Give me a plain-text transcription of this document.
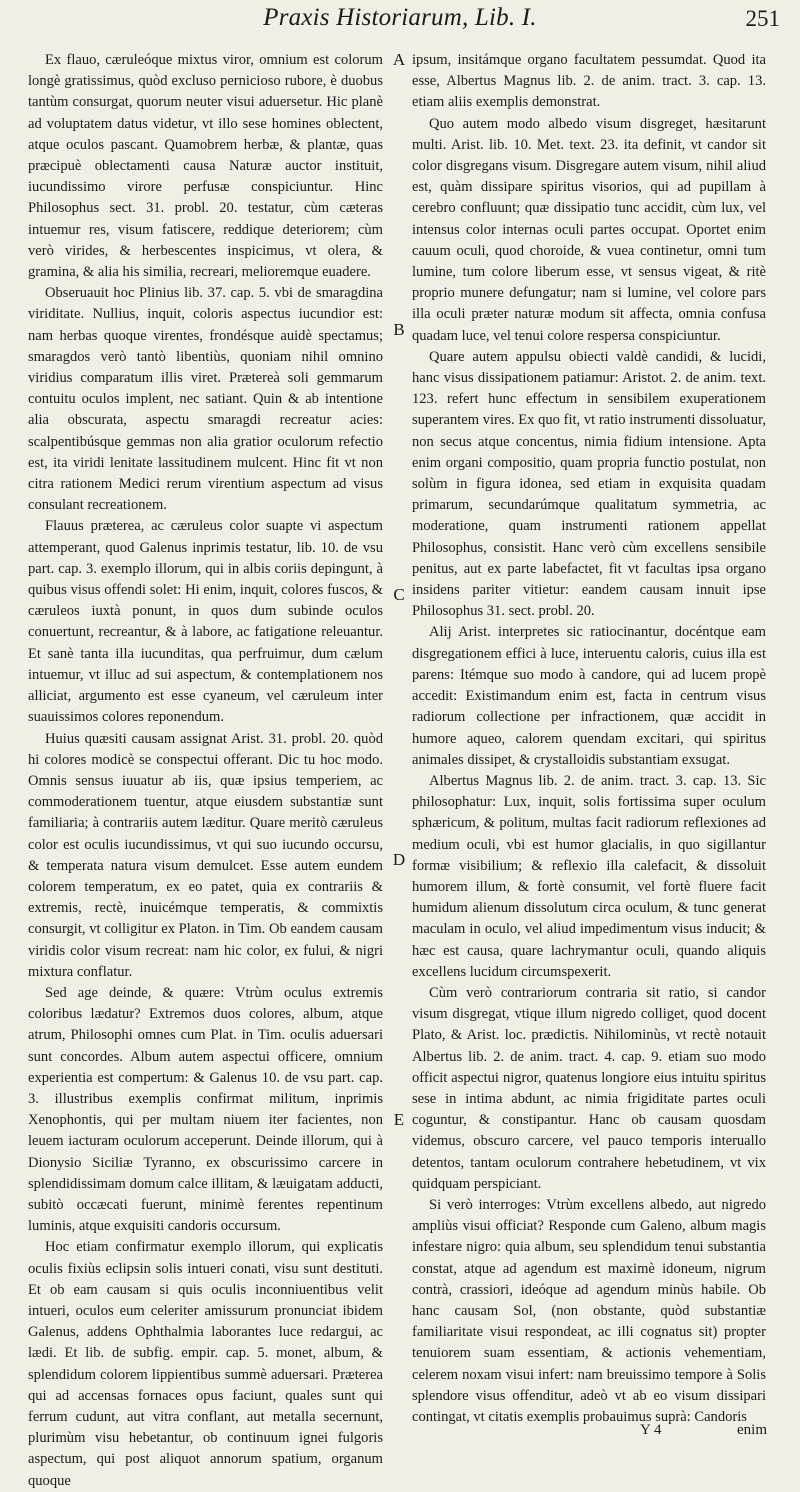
Praxis Historiarum, Lib. I.	251

Ex flauo, cæruleóque mixtus viror, omnium est colorum longè gratissimus, quòd excluso pernicioso rubore, è duobus tantùm consurgat, quorum neuter visui aduersetur. Hic planè ad voluptatem datus videtur, vt illo sese homines oblectent, atque oculos pascant. Quamobrem herbæ, & plantæ, quas præcipuè oblectamenti causa Naturæ auctor instituit, iucundissimo virore perfusæ conspiciuntur. Hinc Philosophus sect. 31. probl. 20. testatur, cùm cæteras intuemur res, visum fatiscere, reddique deteriorem; cùm verò virides, & herbescentes inspicimus, vt olera, & gramina, & alia his similia, recreari, melioremque euadere.

Obseruauit hoc Plinius lib. 37. cap. 5. vbi de smaragdina viriditate. Nullius, inquit, coloris aspectus iucundior est: nam herbas quoque virentes, frondésque auidè spectamus; smaragdos verò tantò libentiùs, quoniam nihil omnino viridius comparatum illis viret. Prætereà soli gemmarum contuitu oculos implent, nec satiant. Quin & ab intentione alia obscurata, aspectu smaragdi recreatur acies: scalpentibúsque gemmas non alia gratior oculorum refectio est, ita viridi lenitate lassitudinem mulcent. Hinc fit vt non citra rationem Medici rerum virentium aspectum ad visus consulant recreationem.

Flauus præterea, ac cæruleus color suapte vi aspectum attemperant, quod Galenus inprimis testatur, lib. 10. de vsu part. cap. 3. exemplo illorum, qui in albis coriis depingunt, à quibus visus offendi solet: Hi enim, inquit, colores fuscos, & cæruleos iuxtà ponunt, in quos dum subinde oculos conuertunt, recreantur, & à labore, ac fatigatione releuantur. Et sanè tanta illa iucunditas, qua perfruimur, dum cælum intuemur, vt illuc ad sui aspectum, & contemplationem nos alliciat, argumento est esse cyaneum, vel cæruleum inter suauissimos colores reponendum.

Huius quæsiti causam assignat Arist. 31. probl. 20. quòd hi colores modicè se conspectui offerant. Dic tu hoc modo. Omnis sensus iuuatur ab iis, quæ ipsius temperiem, ac commoderationem tuentur, atque eiusdem substantiæ sunt familiaria; à contrariis autem læditur. Quare meritò cæruleus color est oculis iucundissimus, vt qui suo iucundo occursu, & temperata natura visum demulcet. Esse autem eundem colorem temperatum, ex eo patet, quia ex contrariis & extremis, rectè, inuicémque temperatis, & commixtis consurgit, vt colligitur ex Platon. in Tim. Ob eandem causam viridis color visum recreat: nam hic color, ex fului, & nigri mixtura conflatur.

Sed age deinde, & quære: Vtrùm oculus extremis coloribus lædatur? Extremos duos colores, album, atque atrum, Philosophi omnes cum Plat. in Tim. oculis aduersari sunt concordes. Album autem aspectui officere, omnium experientia est compertum: & Galenus 10. de vsu part. cap. 3. illustribus exemplis confirmat militum, inprimis Xenophontis, qui per multam niuem iter facientes, non leuem iacturam oculorum acceperunt. Deinde illorum, qui à Dionysio Siciliæ Tyranno, ex obscurissimo carcere in splendidissimam domum calce illitam, & læuigatam adducti, subitò occæcati fuerunt, minimè ferentes repentinum luminis, atque exquisiti candoris occursum.

Hoc etiam confirmatur exemplo illorum, qui explicatis oculis fixiùs eclipsin solis intueri conati, visu sunt destituti. Et ob eam causam si quis oculis inconniuentibus velit intueri, oculos eum celeriter amissurum pronunciat ibidem Galenus, addens Ophthalmia laborantes luce redargui, ac lædi. Et lib. de subfig. empir. cap. 5. monet, album, & splendidum colorem lippientibus summè aduersari. Præterea qui ad accensas fornaces opus faciunt, quales sunt qui ferrum cudunt, aut vitra conflant, aut metalla secernunt, plurimùm visu hebetantur, ob continuum ignei fulgoris aspectum, qui post aliquot annorum spatium, organum quoque

A
B
C
D
E

ipsum, insitámque organo facultatem pessumdat. Quod ita esse, Albertus Magnus lib. 2. de anim. tract. 3. cap. 13. etiam aliis exemplis demonstrat.

Quo autem modo albedo visum disgreget, hæsitarunt multi. Arist. lib. 10. Met. text. 23. ita definit, vt candor sit color disgregans visum. Disgregare autem visum, nihil aliud est, quàm dissipare spiritus visorios, qui ad pupillam à cerebro confluunt; quæ dissipatio tunc accidit, cùm lux, vel intensus color internas oculi partes occupat. Oportet enim cauum oculi, quod choroide, & vuea continetur, omni tum lumine, tum colore liberum esse, vt sensus vigeat, & ritè proprio munere defungatur; nam si lumine, vel colore pars illa oculi præter naturæ modum sit affecta, omnia confusa quadam luce, vel tenui colore respersa conspiciuntur.

Quare autem appulsu obiecti valdè candidi, & lucidi, hanc visus dissipationem patiamur: Aristot. 2. de anim. text. 123. refert hunc effectum in sensibilem exuperationem superantem vires. Ex quo fit, vt ratio instrumenti dissoluatur, non secus atque concentus, nimia fidium intensione. Apta enim organi compositio, quam propria functio postulat, non solùm in figura idonea, sed etiam in exquisita quadam primarum, secundarúmque qualitatum symmetria, ac moderatione, quam instrumenti rationem appellat Philosophus, consistit. Hanc verò cùm excellens sensibile penitus, aut ex parte labefactet, fit vt facultas ipsa organo insidens pariter vitietur: eandem causam innuit ipse Philosophus 31. sect. probl. 20.

Alij Arist. interpretes sic ratiocinantur, docéntque eam disgregationem effici à luce, interuentu caloris, cuius illa est parens: Itémque suo modo à candore, qui ad lucem propè accedit: Existimandum enim est, facta in centrum visus radiorum collectione per infractionem, quæ accidit in humore aqueo, calorem quendam excitari, qui spiritus animales dissipet, & crystalloidis substantiam exsugat.

Albertus Magnus lib. 2. de anim. tract. 3. cap. 13. Sic philosophatur: Lux, inquit, solis fortissima super oculum sphæricum, & politum, multas facit radiorum reflexiones ad medium oculi, vbi est humor glacialis, in quo sigillantur formæ visibilium; & reflexio illa calefacit, & dissoluit humorem illum, & fortè consumit, vel fortè fluere facit humidum alienum dissolutum circa oculum, & tunc generat maculam in oculo, vel aliud impedimentum visus inducit; & hæc est causa, quare lachrymantur oculi, quando aliquis excellens lucidum circumspexerit.

Cùm verò contrariorum contraria sit ratio, si candor visum disgregat, vtique illum nigredo colliget, quod docent Plato, & Arist. loc. prædictis. Nihilominùs, vt rectè notauit Albertus lib. 2. de anim. tract. 4. cap. 9. etiam suo modo officit aspectui nigror, quatenus longiore eius intuitu spiritus sese in intima abdunt, ac nimia frigiditate partes oculi coguntur, & constipantur. Hanc ob causam quosdam videmus, obscuro carcere, vel pauco temporis interuallo detentos, tantam oculorum contrahere hebetudinem, vt vix quidquam perspiciant.

Si verò interroges: Vtrùm excellens albedo, aut nigredo ampliùs visui officiat? Responde cum Galeno, album magis infestare nigro: quia album, seu splendidum tenui substantia constat, atque ad agendum est maximè idoneum, nigrum contrà, crassiori, ideóque ad agendum minùs habile. Ob hanc causam Sol, (non obstante, quòd substantiæ familiaritate visui respondeat, ac illi cognatus sit) propter tenuiorem suam essentiam, & actionis vehementiam, celerem noxam visui infert: nam breuissimo tempore à Solis splendore visus offenditur, adeò vt ab eo visum dissipari contingat, vt citatis exemplis probauimus suprà: Candoris

Y 4	enim
